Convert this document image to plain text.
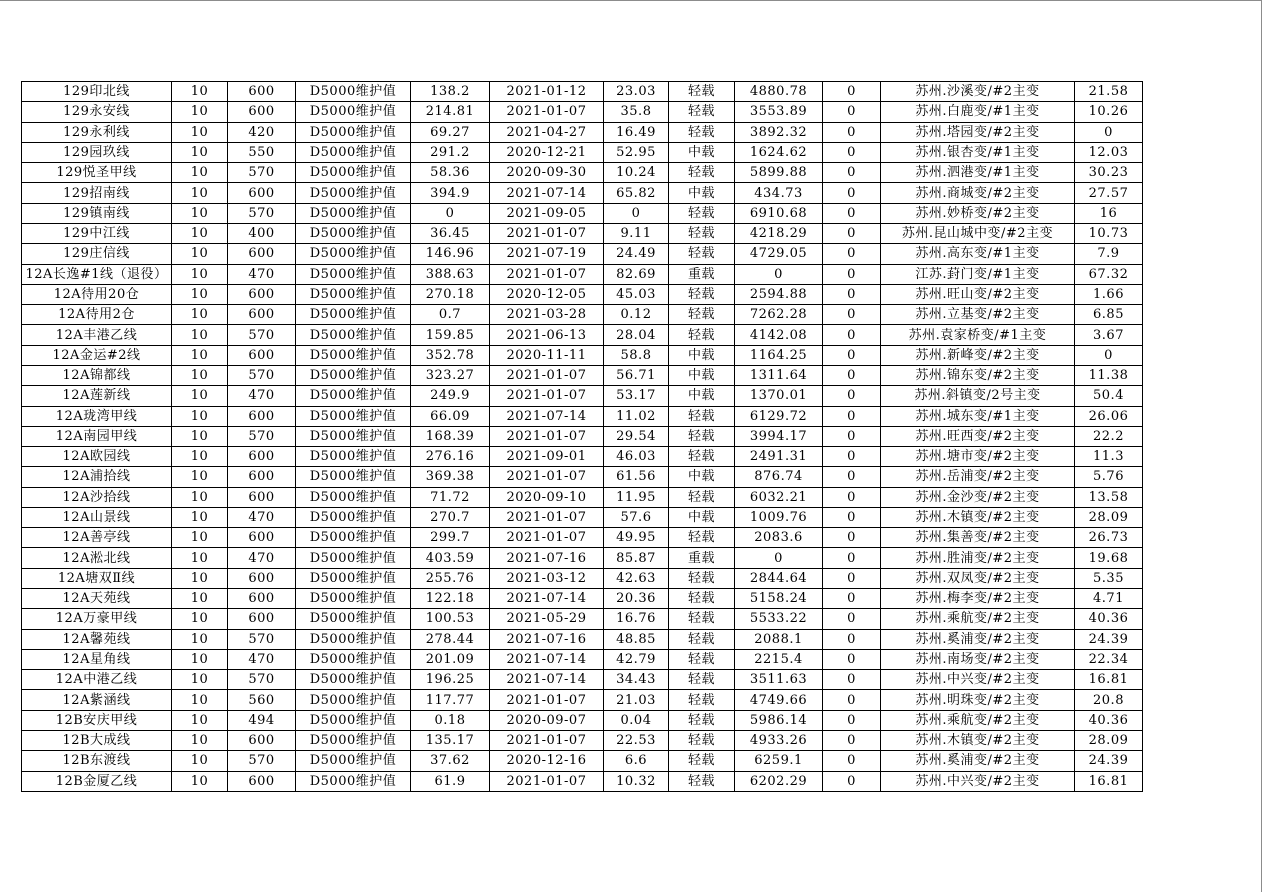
129印北线	10	600	D5000维护值	138.2	2021-01-12	23.03	轻载	4880.78	0	苏州.沙溪变/#2主变	21.58
129永安线	10	600	D5000维护值	214.81	2021-01-07	35.8	轻载	3553.89	0	苏州.白鹿变/#1主变	10.26
129永利线	10	420	D5000维护值	69.27	2021-04-27	16.49	轻载	3892.32	0	苏州.塔园变/#2主变	0
129园玖线	10	550	D5000维护值	291.2	2020-12-21	52.95	中载	1624.62	0	苏州.银杏变/#1主变	12.03
129悦圣甲线	10	570	D5000维护值	58.36	2020-09-30	10.24	轻载	5899.88	0	苏州.泗港变/#1主变	30.23
129招南线	10	600	D5000维护值	394.9	2021-07-14	65.82	中载	434.73	0	苏州.商城变/#2主变	27.57
129镇南线	10	570	D5000维护值	0	2021-09-05	0	轻载	6910.68	0	苏州.妙桥变/#2主变	16
129中江线	10	400	D5000维护值	36.45	2021-01-07	9.11	轻载	4218.29	0	苏州.昆山城中变/#2主变	10.73
129庄信线	10	600	D5000维护值	146.96	2021-07-19	24.49	轻载	4729.05	0	苏州.高东变/#1主变	7.9
12A长逸#1线（退役）	10	470	D5000维护值	388.63	2021-01-07	82.69	重载	0	0	江苏.葑门变/#1主变	67.32
12A待用20仓	10	600	D5000维护值	270.18	2020-12-05	45.03	轻载	2594.88	0	苏州.旺山变/#2主变	1.66
12A待用2仓	10	600	D5000维护值	0.7	2021-03-28	0.12	轻载	7262.28	0	苏州.立基变/#2主变	6.85
12A丰港乙线	10	570	D5000维护值	159.85	2021-06-13	28.04	轻载	4142.08	0	苏州.袁家桥变/#1主变	3.67
12A金运#2线	10	600	D5000维护值	352.78	2020-11-11	58.8	中载	1164.25	0	苏州.新峰变/#2主变	0
12A锦都线	10	570	D5000维护值	323.27	2021-01-07	56.71	中载	1311.64	0	苏州.锦东变/#2主变	11.38
12A莲新线	10	470	D5000维护值	249.9	2021-01-07	53.17	中载	1370.01	0	苏州.斜镇变/2号主变	50.4
12A珑湾甲线	10	600	D5000维护值	66.09	2021-07-14	11.02	轻载	6129.72	0	苏州.城东变/#1主变	26.06
12A南园甲线	10	570	D5000维护值	168.39	2021-01-07	29.54	轻载	3994.17	0	苏州.旺西变/#2主变	22.2
12A欧园线	10	600	D5000维护值	276.16	2021-09-01	46.03	轻载	2491.31	0	苏州.塘市变/#2主变	11.3
12A浦拾线	10	600	D5000维护值	369.38	2021-01-07	61.56	中载	876.74	0	苏州.岳浦变/#2主变	5.76
12A沙拾线	10	600	D5000维护值	71.72	2020-09-10	11.95	轻载	6032.21	0	苏州.金沙变/#2主变	13.58
12A山景线	10	470	D5000维护值	270.7	2021-01-07	57.6	中载	1009.76	0	苏州.木镇变/#2主变	28.09
12A善亭线	10	600	D5000维护值	299.7	2021-01-07	49.95	轻载	2083.6	0	苏州.集善变/#2主变	26.73
12A淞北线	10	470	D5000维护值	403.59	2021-07-16	85.87	重载	0	0	苏州.胜浦变/#2主变	19.68
12A塘双Ⅱ线	10	600	D5000维护值	255.76	2021-03-12	42.63	轻载	2844.64	0	苏州.双凤变/#2主变	5.35
12A天苑线	10	600	D5000维护值	122.18	2021-07-14	20.36	轻载	5158.24	0	苏州.梅李变/#2主变	4.71
12A万豪甲线	10	600	D5000维护值	100.53	2021-05-29	16.76	轻载	5533.22	0	苏州.乘航变/#2主变	40.36
12A馨苑线	10	570	D5000维护值	278.44	2021-07-16	48.85	轻载	2088.1	0	苏州.奚浦变/#2主变	24.39
12A星角线	10	470	D5000维护值	201.09	2021-07-14	42.79	轻载	2215.4	0	苏州.南场变/#2主变	22.34
12A中港乙线	10	570	D5000维护值	196.25	2021-07-14	34.43	轻载	3511.63	0	苏州.中兴变/#2主变	16.81
12A紫涵线	10	560	D5000维护值	117.77	2021-01-07	21.03	轻载	4749.66	0	苏州.明珠变/#2主变	20.8
12B安庆甲线	10	494	D5000维护值	0.18	2020-09-07	0.04	轻载	5986.14	0	苏州.乘航变/#2主变	40.36
12B大成线	10	600	D5000维护值	135.17	2021-01-07	22.53	轻载	4933.26	0	苏州.木镇变/#2主变	28.09
12B东渡线	10	570	D5000维护值	37.62	2020-12-16	6.6	轻载	6259.1	0	苏州.奚浦变/#2主变	24.39
12B金厦乙线	10	600	D5000维护值	61.9	2021-01-07	10.32	轻载	6202.29	0	苏州.中兴变/#2主变	16.81
